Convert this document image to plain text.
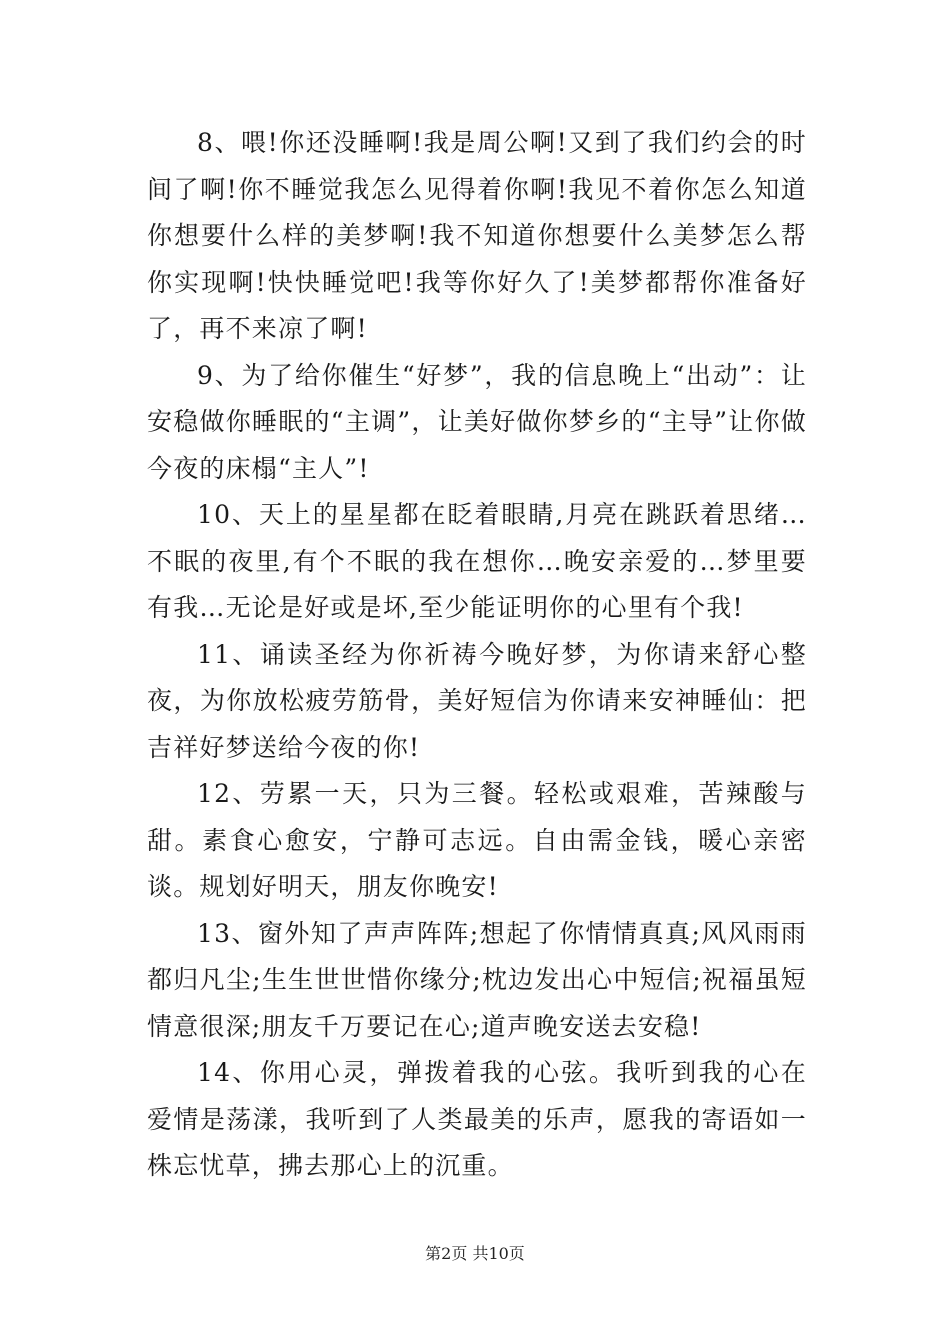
8、喂!你还没睡啊!我是周公啊!又到了我们约会的时间了啊!你不睡觉我怎么见得着你啊!我见不着你怎么知道你想要什么样的美梦啊!我不知道你想要什么美梦怎么帮你实现啊!快快睡觉吧!我等你好久了!美梦都帮你准备好了，再不来凉了啊!

9、为了给你催生“好梦”，我的信息晚上“出动”：让安稳做你睡眠的“主调”，让美好做你梦乡的“主导”让你做今夜的床榻“主人”!

10、天上的星星都在眨着眼睛,月亮在跳跃着思绪…不眠的夜里,有个不眠的我在想你…晚安亲爱的…梦里要有我…无论是好或是坏,至少能证明你的心里有个我!

11、诵读圣经为你祈祷今晚好梦，为你请来舒心整夜，为你放松疲劳筋骨，美好短信为你请来安神睡仙：把吉祥好梦送给今夜的你!

12、劳累一天，只为三餐。轻松或艰难，苦辣酸与甜。素食心愈安，宁静可志远。自由需金钱，暖心亲密谈。规划好明天，朋友你晚安!

13、窗外知了声声阵阵;想起了你情情真真;风风雨雨都归凡尘;生生世世惜你缘分;枕边发出心中短信;祝福虽短情意很深;朋友千万要记在心;道声晚安送去安稳!

14、你用心灵，弹拨着我的心弦。我听到我的心在爱情是荡漾，我听到了人类最美的乐声，愿我的寄语如一株忘忧草，拂去那心上的沉重。

第2页 共10页
